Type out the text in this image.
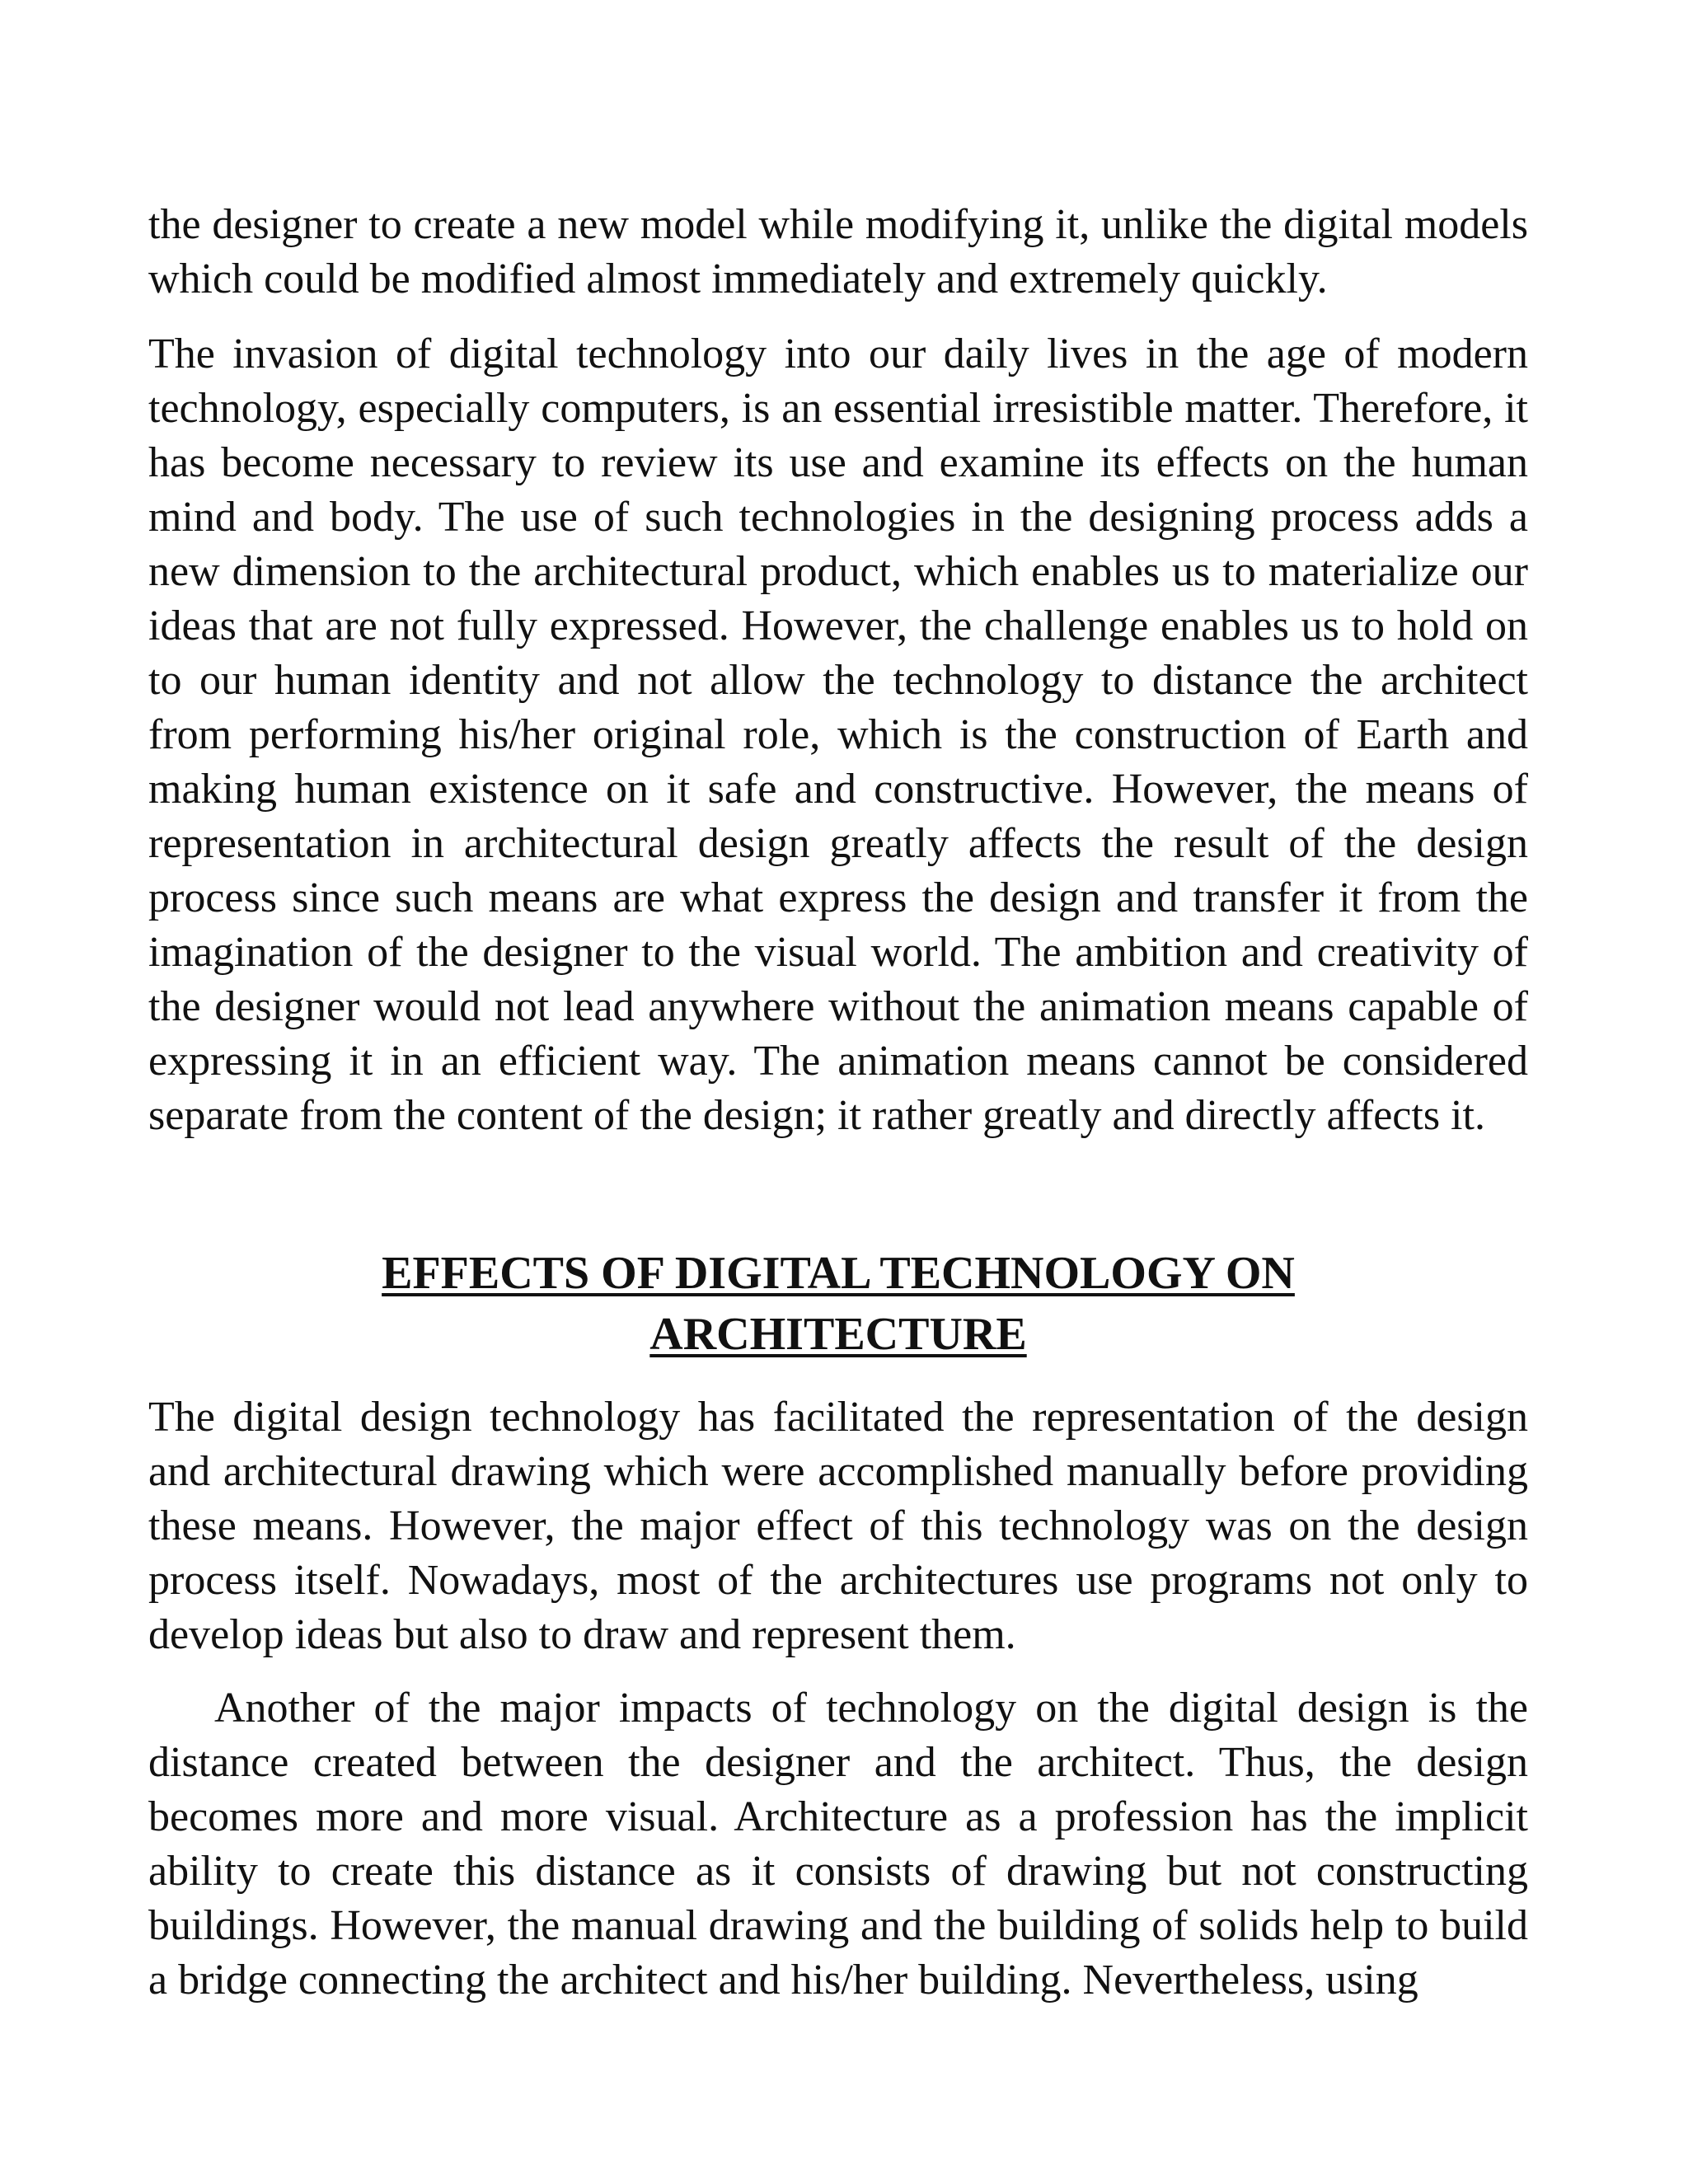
the designer to create a new model while modifying it, unlike the digital models which could be modified almost immediately and extremely quickly.

The invasion of digital technology into our daily lives in the age of modern technology, especially computers, is an essential irresistible matter. Therefore, it has become necessary to review its use and examine its effects on the human mind and body. The use of such technologies in the designing process adds a new dimension to the architectural product, which enables us to materialize our ideas that are not fully expressed. However, the challenge enables us to hold on to our human identity and not allow the technology to distance the architect from performing his/her original role, which is the construction of Earth and making human existence on it safe and constructive. However, the means of representation in architectural design greatly affects the result of the design process since such means are what express the design and transfer it from the imagination of the designer to the visual world. The ambition and creativity of the designer would not lead anywhere without the animation means capable of expressing it in an efficient way. The animation means cannot be considered separate from the content of the design; it rather greatly and directly affects it.

EFFECTS OF DIGITAL TECHNOLOGY ON
ARCHITECTURE

The digital design technology has facilitated the representation of the design and architectural drawing which were accomplished manually before providing these means. However, the major effect of this technology was on the design process itself. Nowadays, most of the architectures use programs not only to develop ideas but also to draw and represent them.

Another of the major impacts of technology on the digital design is the distance created between the designer and the architect. Thus, the design becomes more and more visual. Architecture as a profession has the implicit ability to create this distance as it consists of drawing but not constructing buildings. However, the manual drawing and the building of solids help to build a bridge connecting the architect and his/her building. Nevertheless, using
